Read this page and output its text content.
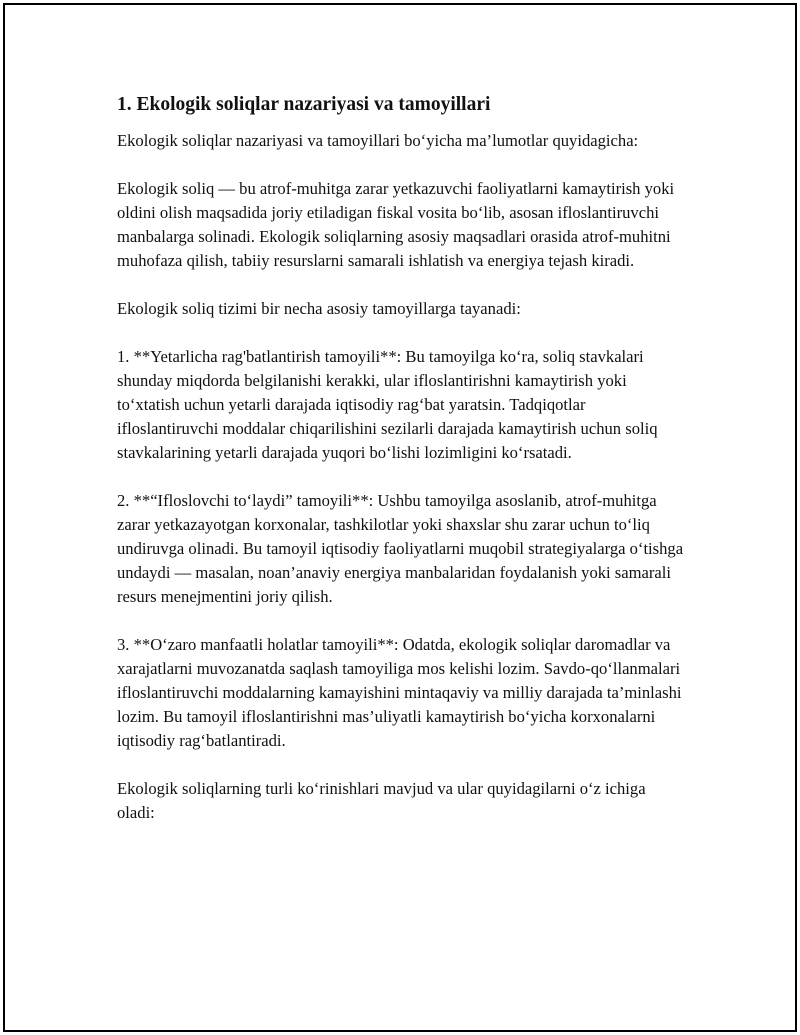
1. Ekologik soliqlar nazariyasi va tamoyillari

Ekologik soliqlar nazariyasi va tamoyillari bo‘yicha ma’lumotlar quyidagicha:

Ekologik soliq — bu atrof-muhitga zarar yetkazuvchi faoliyatlarni kamaytirish yoki oldini olish maqsadida joriy etiladigan fiskal vosita bo‘lib, asosan ifloslantiruvchi manbalarga solinadi. Ekologik soliqlarning asosiy maqsadlari orasida atrof-muhitni muhofaza qilish, tabiiy resurslarni samarali ishlatish va energiya tejash kiradi.

Ekologik soliq tizimi bir necha asosiy tamoyillarga tayanadi:

1. **Yetarlicha rag'batlantirish tamoyili**: Bu tamoyilga ko‘ra, soliq stavkalari shunday miqdorda belgilanishi kerakki, ular ifloslantirishni kamaytirish yoki to‘xtatish uchun yetarli darajada iqtisodiy rag‘bat yaratsin. Tadqiqotlar ifloslantiruvchi moddalar chiqarilishini sezilarli darajada kamaytirish uchun soliq stavkalarining yetarli darajada yuqori bo‘lishi lozimligini ko‘rsatadi.

2. **“Ifloslovchi to‘laydi” tamoyili**: Ushbu tamoyilga asoslanib, atrof-muhitga zarar yetkazayotgan korxonalar, tashkilotlar yoki shaxslar shu zarar uchun to‘liq undiruvga olinadi. Bu tamoyil iqtisodiy faoliyatlarni muqobil strategiyalarga o‘tishga undaydi — masalan, noan’anaviy energiya manbalaridan foydalanish yoki samarali resurs menejmentini joriy qilish.

3. **O‘zaro manfaatli holatlar tamoyili**: Odatda, ekologik soliqlar daromadlar va xarajatlarni muvozanatda saqlash tamoyiliga mos kelishi lozim. Savdo-qo‘llanmalari ifloslantiruvchi moddalarning kamayishini mintaqaviy va milliy darajada ta’minlashi lozim. Bu tamoyil ifloslantirishni mas’uliyatli kamaytirish bo‘yicha korxonalarni iqtisodiy rag‘batlantiradi.

Ekologik soliqlarning turli ko‘rinishlari mavjud va ular quyidagilarni o‘z ichiga oladi:
